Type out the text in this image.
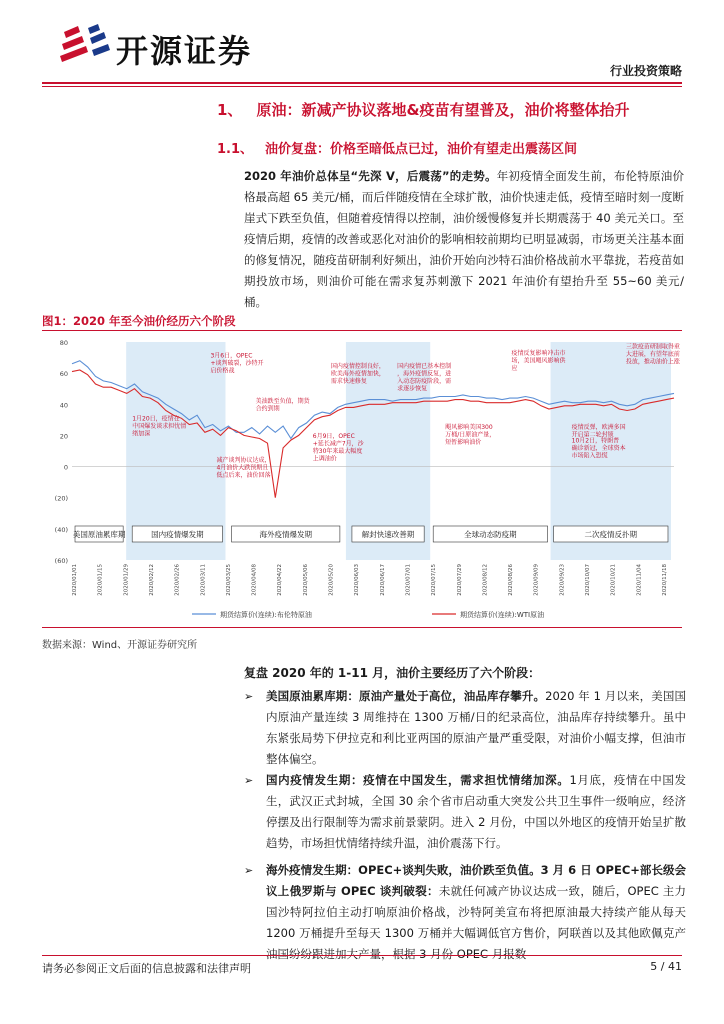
开源证券
行业投资策略
1、 原油：新减产协议落地&疫苗有望普及，油价将整体抬升
1.1、 油价复盘：价格至暗低点已过，油价有望走出震荡区间
2020 年油价总体呈“先深 V，后震荡”的走势。年初疫情全面发生前，布伦特原油价格最高超 65 美元/桶，而后伴随疫情在全球扩散，油价快速走低，疫情至暗时刻一度断崖式下跌至负值，但随着疫情得以控制，油价缓慢修复并长期震荡于 40 美元关口。至疫情后期，疫情的改善或恶化对油价的影响相较前期均已明显减弱，市场更关注基本面的修复情况，随疫苗研制利好频出，油价开始向沙特石油价格战前水平靠拢，若疫苗如期投放市场，则油价可能在需求复苏刺激下 2021 年油价有望抬升至 55~60 美元/桶。
图1：2020 年至今油价经历六个阶段
80
60
40
20
0
(20)
(40)
(60)
2020/01/01	2020/01/15	2020/01/29	2020/02/12	2020/02/26	2020/03/11	2020/03/25	2020/04/08	2020/04/22	2020/05/06	2020/05/20	2020/06/03	2020/06/17	2020/07/01	2020/07/15	2020/07/29	2020/08/12	2020/08/26	2020/09/09	2020/09/23	2020/10/07	2020/10/21	2020/11/04	2020/11/18
美国原油累库期	国内疫情爆发期	海外疫情爆发期	解封快速改善期	全球动态防疫期	二次疫情反扑期
3月6日，OPEC +谈判破裂，沙特开启价格战
1月20日，疫情在中国爆发谈求担忧情绪加深
减产谈判协议达成， 4月油价大跌预期且低点后来，油价回落
美油跌至负值，期货合约到期
国内疫情控制良好，欧美海外疫情加快，需求快速修复
6月9日，OPEC +延长减产7月，沙特30年来最大幅度上调油价
国内疫情已基本控制，海外疫情反复，进入动态防疫阶段，需求逐步恢复
疫情反复影响冲击市场，美国飓风影响供应
飓风影响美国300 万桶/日原油产量，短暂影响油价
疫情反弹，欧洲多国开启第二轮封锁
10月2日，特朗普确诊新冠，全球资本市场陷入恐慌
三款疫苗研制取得重大进展，有望年底前投放，推动油价上涨
期货结算价(连续):布伦特原油	期货结算价(连续):WTI原油
数据来源：Wind、开源证券研究所
复盘 2020 年的 1-11 月，油价主要经历了六个阶段：
➢ 美国原油累库期：原油产量处于高位，油品库存攀升。2020 年 1 月以来，美国国内原油产量连续 3 周维持在 1300 万桶/日的纪录高位，油品库存持续攀升。虽中东紧张局势下伊拉克和利比亚两国的原油产量严重受限，对油价小幅支撑，但油市整体偏空。
➢ 国内疫情发生期：疫情在中国发生，需求担忧情绪加深。1月底，疫情在中国发生，武汉正式封城，全国 30 余个省市启动重大突发公共卫生事件一级响应，经济停摆及出行限制等为需求前景蒙阴。进入 2 月份，中国以外地区的疫情开始呈扩散趋势，市场担忧情绪持续升温，油价震荡下行。
➢ 海外疫情发生期：OPEC+谈判失败，油价跌至负值。3 月 6 日 OPEC+部长级会议上俄罗斯与 OPEC 谈判破裂：未就任何减产协议达成一致，随后，OPEC 主力国沙特阿拉伯主动打响原油价格战，沙特阿美宣布将把原油最大持续产能从每天 1200 万桶提升至每天 1300 万桶并大幅调低官方售价，阿联酋以及其他欧佩克产油国纷纷跟进加大产量，根据 3 月份 OPEC 月报数
请务必参阅正文后面的信息披露和法律声明	5 / 41
